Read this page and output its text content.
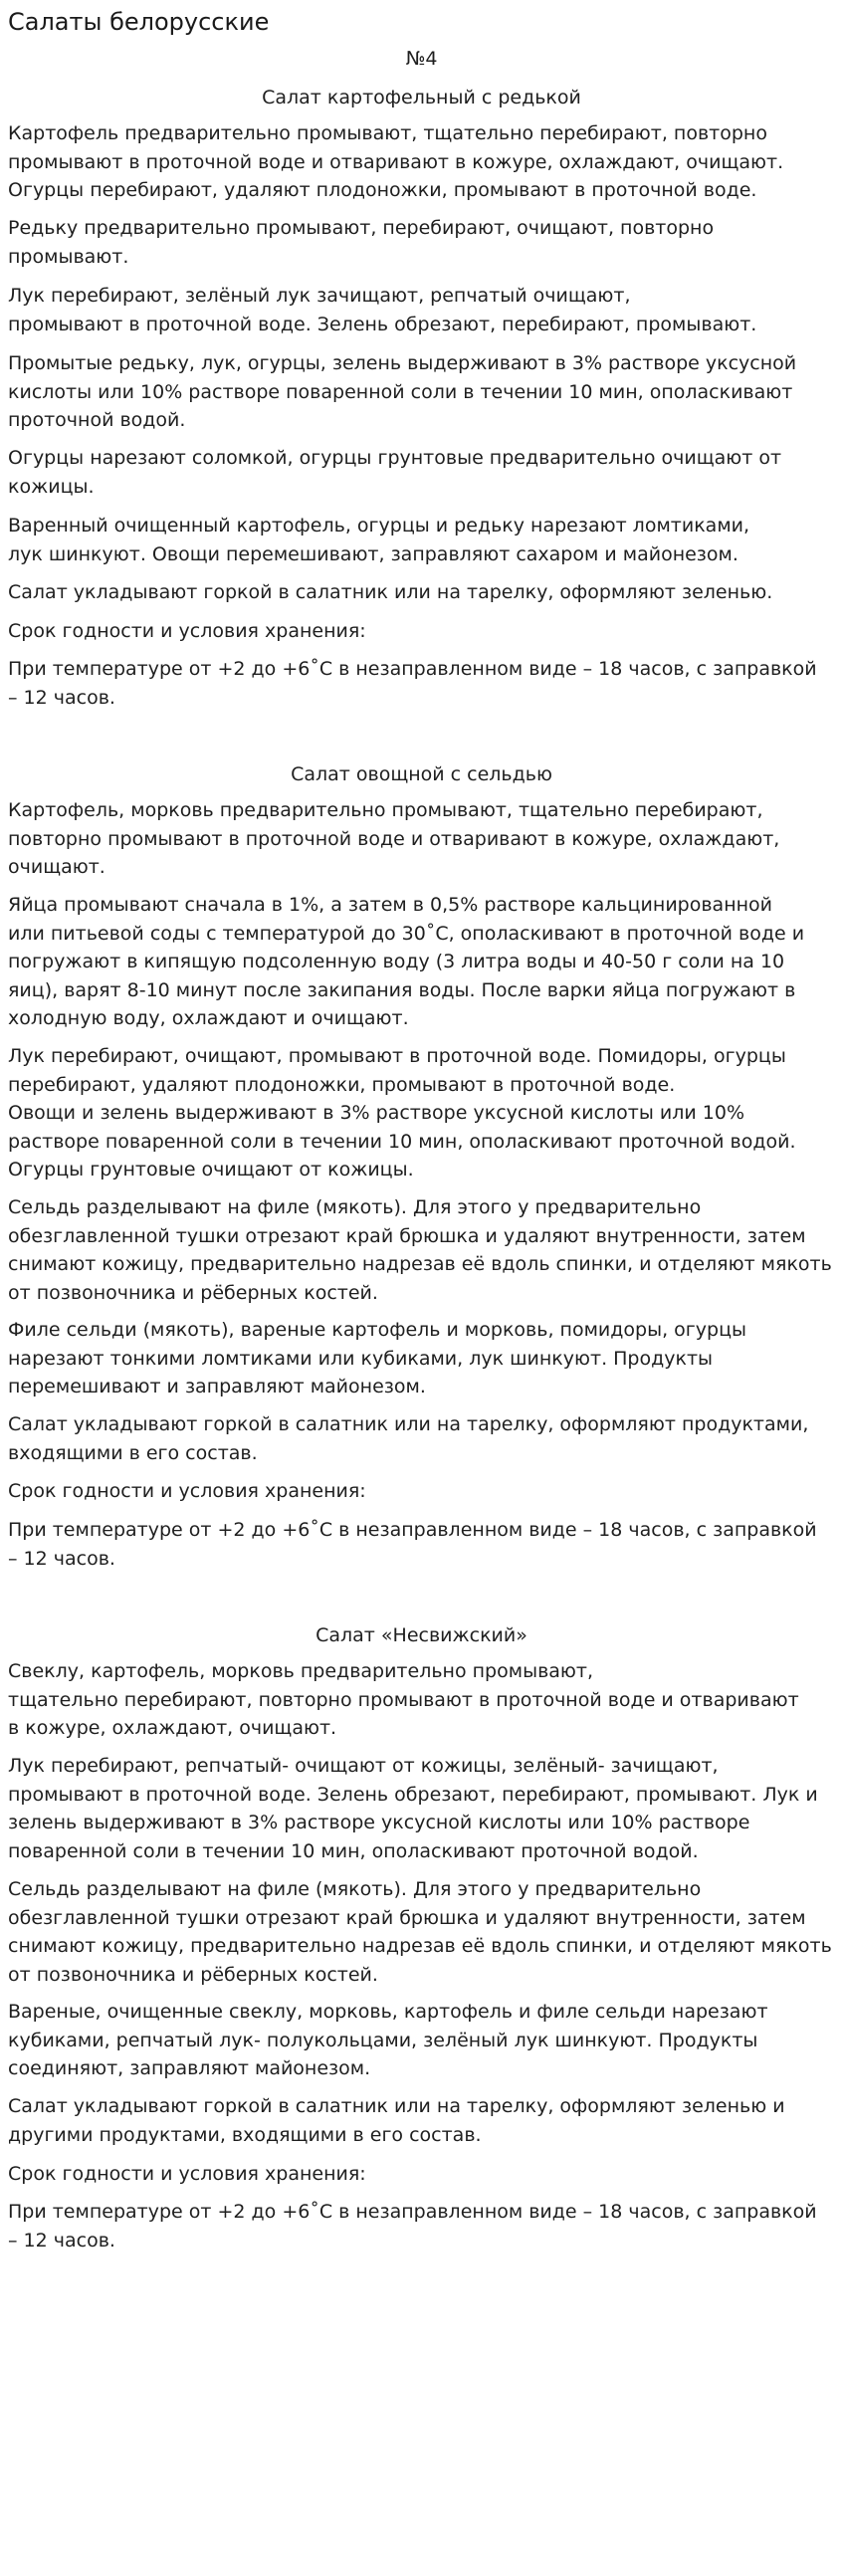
Салаты белорусские
№4
Салат картофельный с редькой
Картофель предварительно промывают, тщательно перебирают, повторно
промывают в проточной воде и отваривают в кожуре, охлаждают, очищают.
Огурцы перебирают, удаляют плодоножки, промывают в проточной воде.
Редьку предварительно промывают, перебирают, очищают, повторно
промывают.
Лук перебирают, зелёный лук зачищают, репчатый очищают,
промывают в проточной воде. Зелень обрезают, перебирают, промывают.
Промытые редьку, лук, огурцы, зелень выдерживают в 3% растворе уксусной
кислоты или 10% растворе поваренной соли в течении 10 мин, ополаскивают
проточной водой.
Огурцы нарезают соломкой, огурцы грунтовые предварительно очищают от
кожицы.
Варенный очищенный картофель, огурцы и редьку нарезают ломтиками,
лук шинкуют. Овощи перемешивают, заправляют сахаром и майонезом.
Салат укладывают горкой в салатник или на тарелку, оформляют зеленью.
Срок годности и условия хранения:
При температуре от +2 до +6˚С в незаправленном виде – 18 часов, с заправкой
– 12 часов.
Салат овощной с сельдью
Картофель, морковь предварительно промывают, тщательно перебирают,
повторно промывают в проточной воде и отваривают в кожуре, охлаждают,
очищают.
Яйца промывают сначала в 1%, а затем в 0,5% растворе кальцинированной
или питьевой соды с температурой до 30˚С, ополаскивают в проточной воде и
погружают в кипящую подсоленную воду (3 литра воды и 40-50 г соли на 10
яиц), варят 8-10 минут после закипания воды. После варки яйца погружают в
холодную воду, охлаждают и очищают.
Лук перебирают, очищают, промывают в проточной воде. Помидоры, огурцы
перебирают, удаляют плодоножки, промывают в проточной воде.
Овощи и зелень выдерживают в 3% растворе уксусной кислоты или 10%
растворе поваренной соли в течении 10 мин, ополаскивают проточной водой.
Огурцы грунтовые очищают от кожицы.
Сельдь разделывают на филе (мякоть). Для этого у предварительно
обезглавленной тушки отрезают край брюшка и удаляют внутренности, затем
снимают кожицу, предварительно надрезав её вдоль спинки, и отделяют мякоть
от позвоночника и рёберных костей.
Филе сельди (мякоть), вареные картофель и морковь, помидоры, огурцы
нарезают тонкими ломтиками или кубиками, лук шинкуют. Продукты
перемешивают и заправляют майонезом.
Салат укладывают горкой в салатник или на тарелку, оформляют продуктами,
входящими в его состав.
Срок годности и условия хранения:
При температуре от +2 до +6˚С в незаправленном виде – 18 часов, с заправкой
– 12 часов.
Салат «Несвижский»
Свеклу, картофель, морковь предварительно промывают,
тщательно перебирают, повторно промывают в проточной воде и отваривают
в кожуре, охлаждают, очищают.
Лук перебирают, репчатый- очищают от кожицы, зелёный- зачищают,
промывают в проточной воде. Зелень обрезают, перебирают, промывают. Лук и
зелень выдерживают в 3% растворе уксусной кислоты или 10% растворе
поваренной соли в течении 10 мин, ополаскивают проточной водой.
Сельдь разделывают на филе (мякоть). Для этого у предварительно
обезглавленной тушки отрезают край брюшка и удаляют внутренности, затем
снимают кожицу, предварительно надрезав её вдоль спинки, и отделяют мякоть
от позвоночника и рёберных костей.
Вареные, очищенные свеклу, морковь, картофель и филе сельди нарезают
кубиками, репчатый лук- полукольцами, зелёный лук шинкуют. Продукты
соединяют, заправляют майонезом.
Салат укладывают горкой в салатник или на тарелку, оформляют зеленью и
другими продуктами, входящими в его состав.
Срок годности и условия хранения:
При температуре от +2 до +6˚С в незаправленном виде – 18 часов, с заправкой
– 12 часов.
